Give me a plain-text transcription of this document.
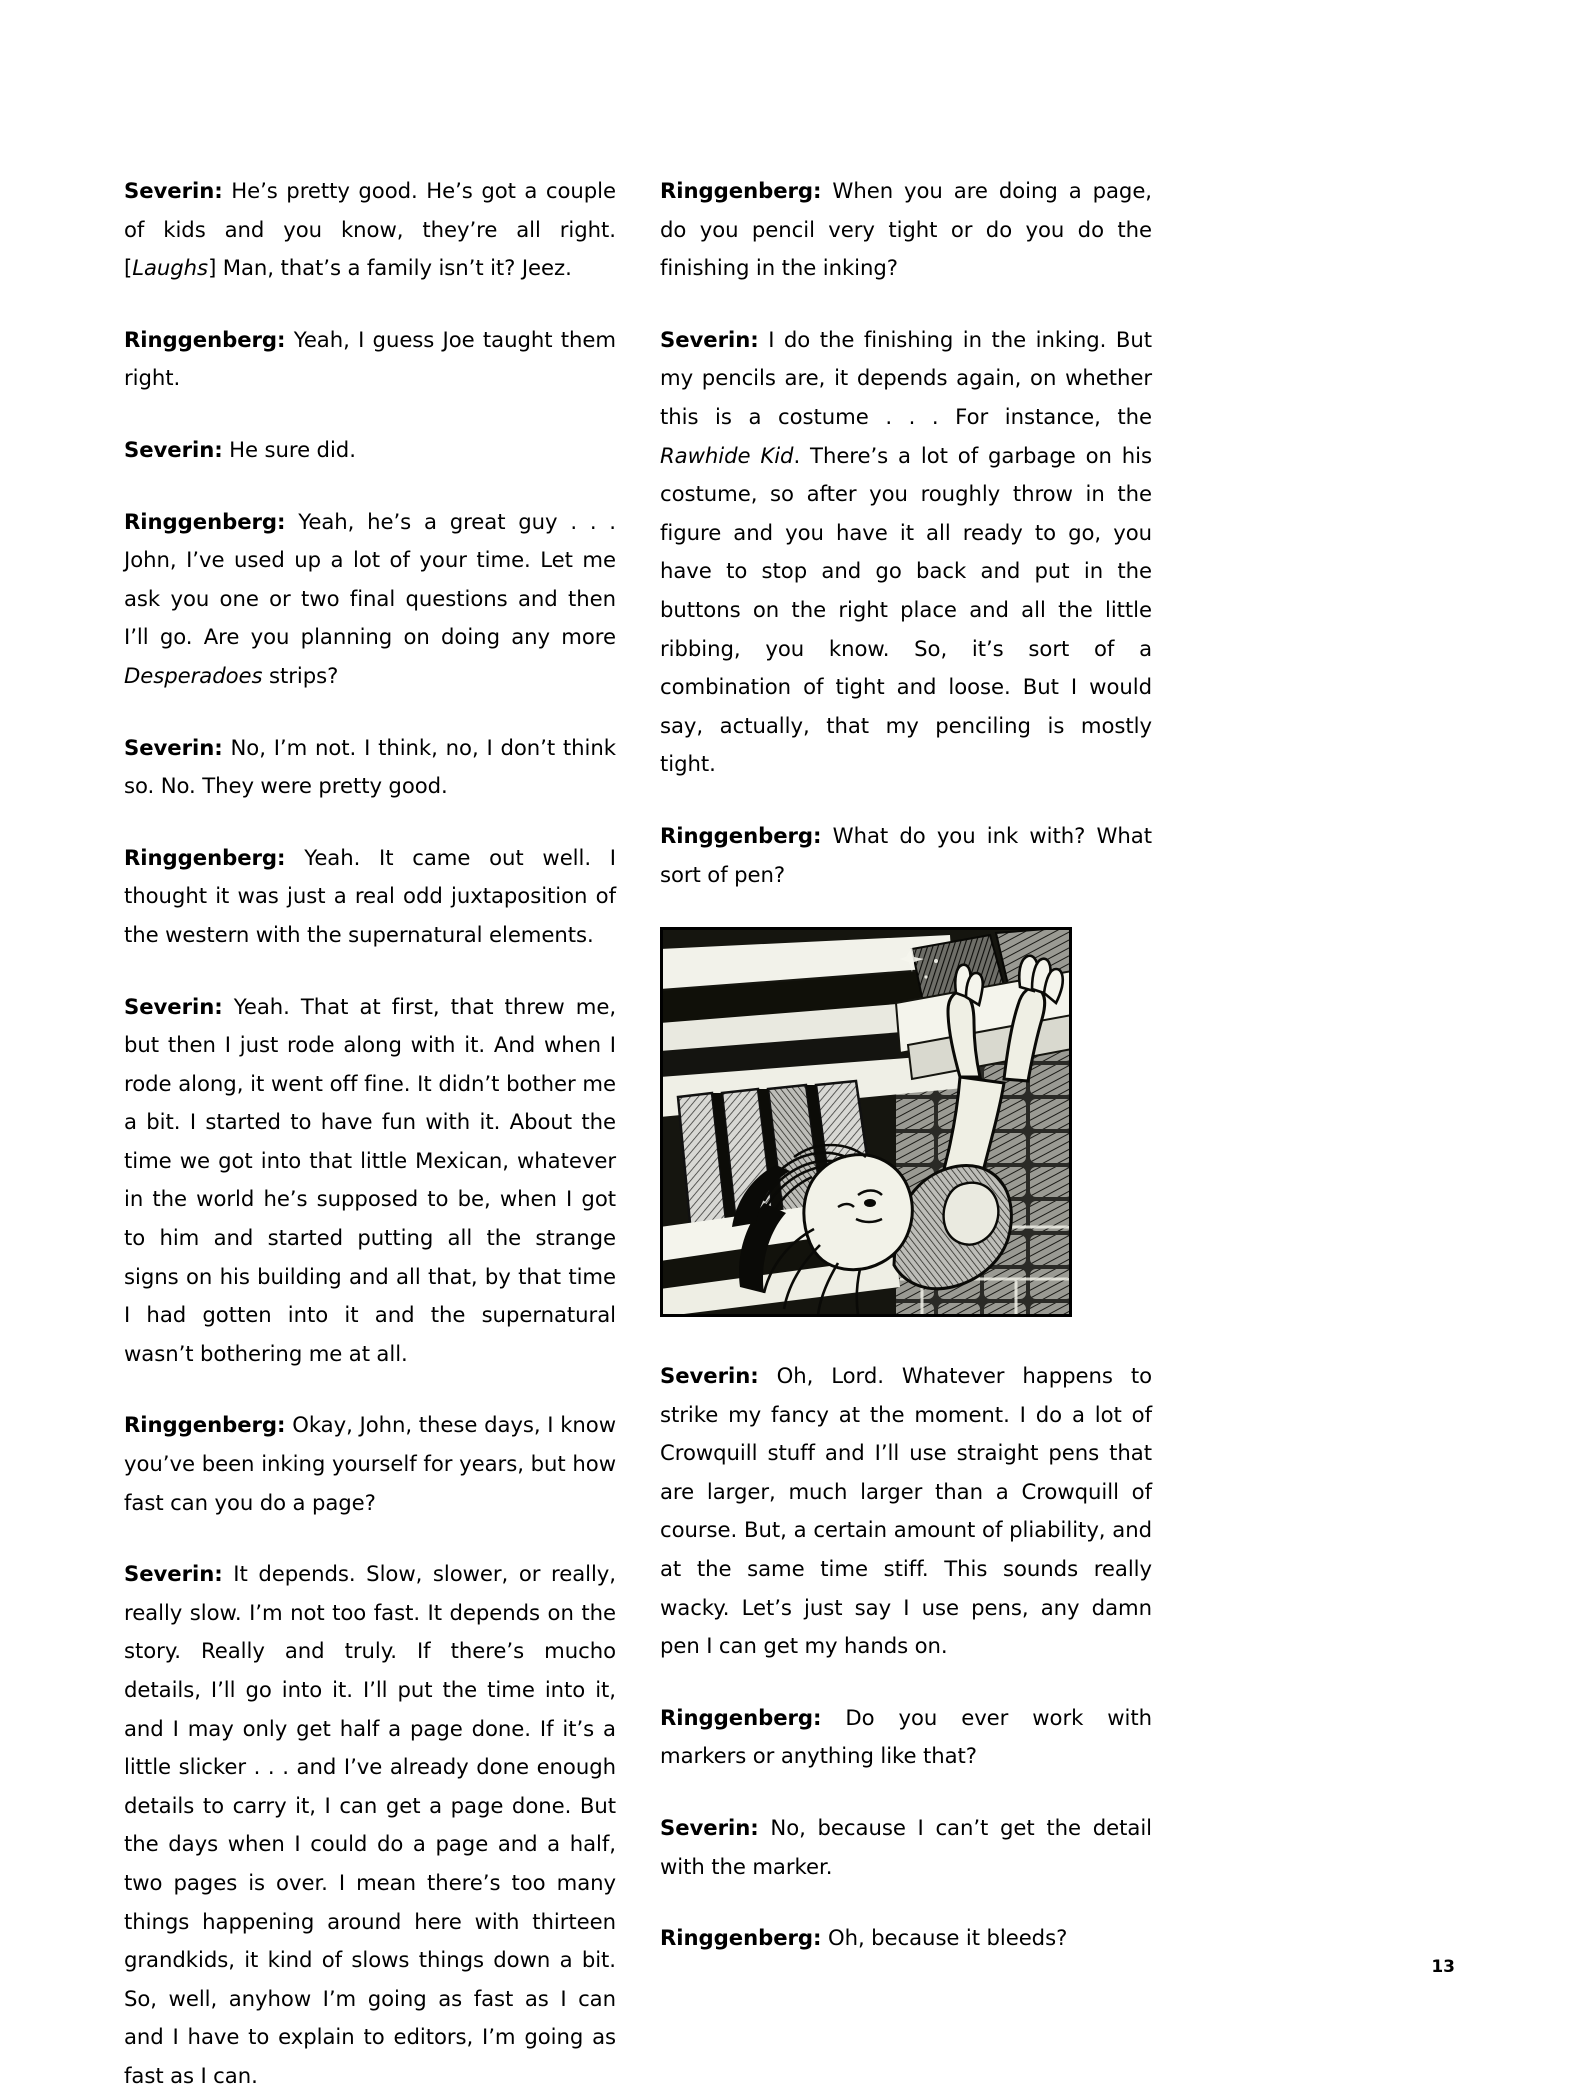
Severin: He’s pretty good. He’s got a couple of kids and you know, they’re all right. [Laughs] Man, that’s a family isn’t it? Jeez.

Ringgenberg: Yeah, I guess Joe taught them right.

Severin: He sure did.

Ringgenberg: Yeah, he’s a great guy . . . John, I’ve used up a lot of your time. Let me ask you one or two final questions and then I’ll go. Are you planning on doing any more Desperadoes strips?

Severin: No, I’m not. I think, no, I don’t think so. No. They were pretty good.

Ringgenberg: Yeah. It came out well. I thought it was just a real odd juxtaposition of the western with the supernatural elements.

Severin: Yeah. That at first, that threw me, but then I just rode along with it. And when I rode along, it went off fine. It didn’t bother me a bit. I started to have fun with it. About the time we got into that little Mexican, whatever in the world he’s supposed to be, when I got to him and started putting all the strange signs on his building and all that, by that time I had gotten into it and the supernatural wasn’t bothering me at all.

Ringgenberg: Okay, John, these days, I know you’ve been inking yourself for years, but how fast can you do a page?

Severin: It depends. Slow, slower, or really, really slow. I’m not too fast. It depends on the story. Really and truly. If there’s mucho details, I’ll go into it. I’ll put the time into it, and I may only get half a page done. If it’s a little slicker . . . and I’ve already done enough details to carry it, I can get a page done. But the days when I could do a page and a half, two pages is over. I mean there’s too many things happening around here with thirteen grandkids, it kind of slows things down a bit. So, well, anyhow I’m going as fast as I can and I have to explain to editors, I’m going as fast as I can.

Ringgenberg: When you are doing a page, do you pencil very tight or do you do the finishing in the inking?

Severin: I do the finishing in the inking. But my pencils are, it depends again, on whether this is a costume . . . For instance, the Rawhide Kid. There’s a lot of garbage on his costume, so after you roughly throw in the figure and you have it all ready to go, you have to stop and go back and put in the buttons on the right place and all the little ribbing, you know. So, it’s sort of a combination of tight and loose. But I would say, actually, that my penciling is mostly tight.

Ringgenberg: What do you ink with? What sort of pen?

Severin: Oh, Lord. Whatever happens to strike my fancy at the moment. I do a lot of Crowquill stuff and I’ll use straight pens that are larger, much larger than a Crowquill of course. But, a certain amount of pliability, and at the same time stiff. This sounds really wacky. Let’s just say I use pens, any damn pen I can get my hands on.

Ringgenberg: Do you ever work with markers or anything like that?

Severin: No, because I can’t get the detail with the marker.

Ringgenberg: Oh, because it bleeds?

13
